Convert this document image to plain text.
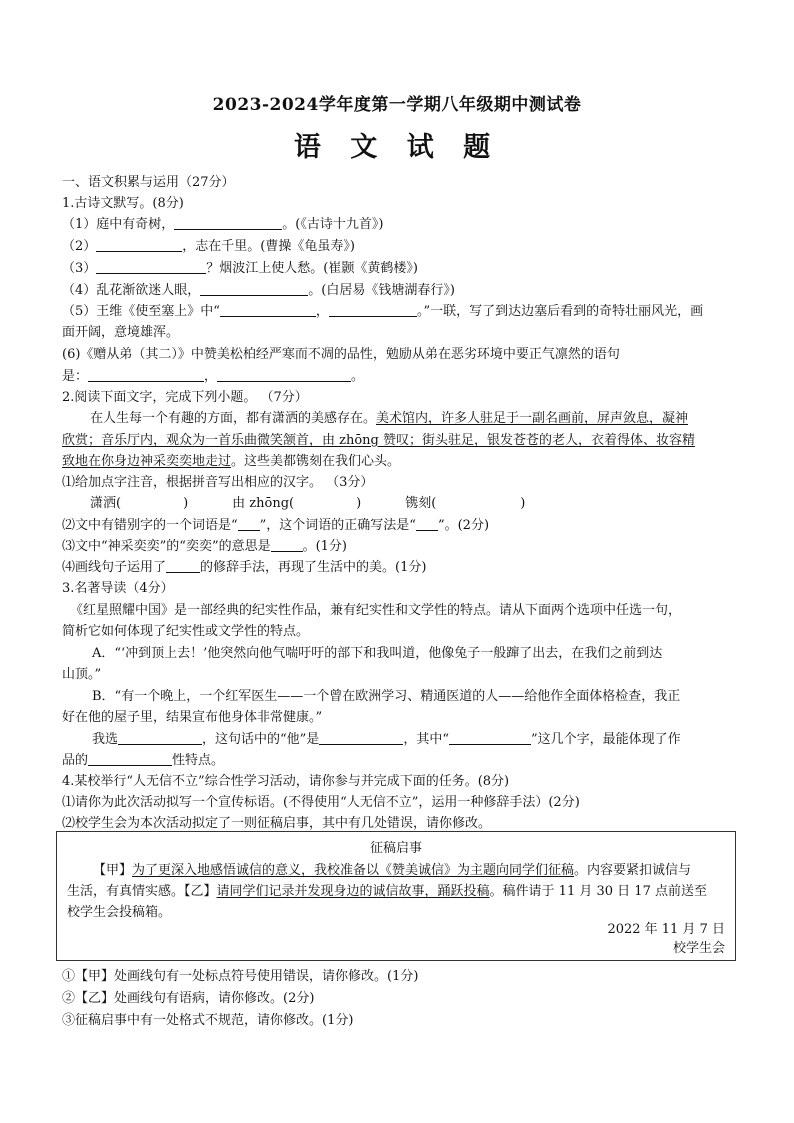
2023-2024学年度第一学期八年级期中测试卷
语 文 试 题
一、语文积累与运用（27分）
1.古诗文默写。(8分)
（1）庭中有奇树，	。(《古诗十九首》)
（2）	，志在千里。(曹操《龟虽寿》)
（3）	？烟波江上使人愁。(崔颢《黄鹤楼》)
（4）乱花渐欲迷人眼，	。(白居易《钱塘湖春行》)
（5）王维《使至塞上》中“	，	。”一联，写了到达边塞后看到的奇特壮丽风光，画
面开阔，意境雄浑。
(6)《赠从弟（其二）》中赞美松柏经严寒而不凋的品性，勉励从弟在恶劣环境中要正气凛然的语句
是：	，	。
2.阅读下面文字，完成下列小题。 （7分）
在人生每一个有趣的方面，都有潇洒的美感存在。美术馆内，许多人驻足于一副名画前，屏声敛息，凝神
欣赏；音乐厅内，观众为一首乐曲微笑颔首，由 zhōng 赞叹；街头驻足，银发苍苍的老人，衣着得体、妆容精
致地在你身边神采奕奕地走过。这些美都镌刻在我们心头。
⑴给加点字注音，根据拼音写出相应的汉字。 （3分）
潇洒(	)	由 zhōng(	)	镌刻(	)
⑵文中有错别字的一个词语是“ ”，这个词语的正确写法是“ ”。(2分)
⑶文中“神采奕奕”的“奕奕”的意思是 。(1分)
⑷画线句子运用了	的修辞手法，再现了生活中的美。(1分)
3.名著导读（4分）
《红星照耀中国》是一部经典的纪实性作品，兼有纪实性和文学性的特点。请从下面两个选项中任选一句，
简析它如何体现了纪实性或文学性的特点。
A．“‘冲到顶上去！’他突然向他气喘吁吁的部下和我叫道，他像兔子一般蹿了出去，在我们之前到达
山顶。”
B．“有一个晚上，一个红军医生——一个曾在欧洲学习、精通医道的人——给他作全面体格检查，我正
好在他的屋子里，结果宣布他身体非常健康。”
我选	，这句话中的“他”是	，其中“	”这几个字，最能体现了作
品的	性特点。
4.某校举行“人无信不立”综合性学习活动，请你参与并完成下面的任务。(8分)
⑴请你为此次活动拟写一个宣传标语。(不得使用“人无信不立”，运用一种修辞手法）(2分)
⑵校学生会为本次活动拟定了一则征稿启事，其中有几处错误，请你修改。
征稿启事
【甲】为了更深入地感悟诚信的意义，我校准备以《赞美诚信》为主题向同学们征稿。内容要紧扣诚信与
生活，有真情实感。【乙】请同学们记录并发现身边的诚信故事，踊跃投稿。稿件请于 11 月 30 日 17 点前送至
校学生会投稿箱。
2022 年 11 月 7 日
校学生会
①【甲】处画线句有一处标点符号使用错误，请你修改。(1分)
②【乙】处画线句有语病，请你修改。(2分)
③征稿启事中有一处格式不规范，请你修改。(1分)
